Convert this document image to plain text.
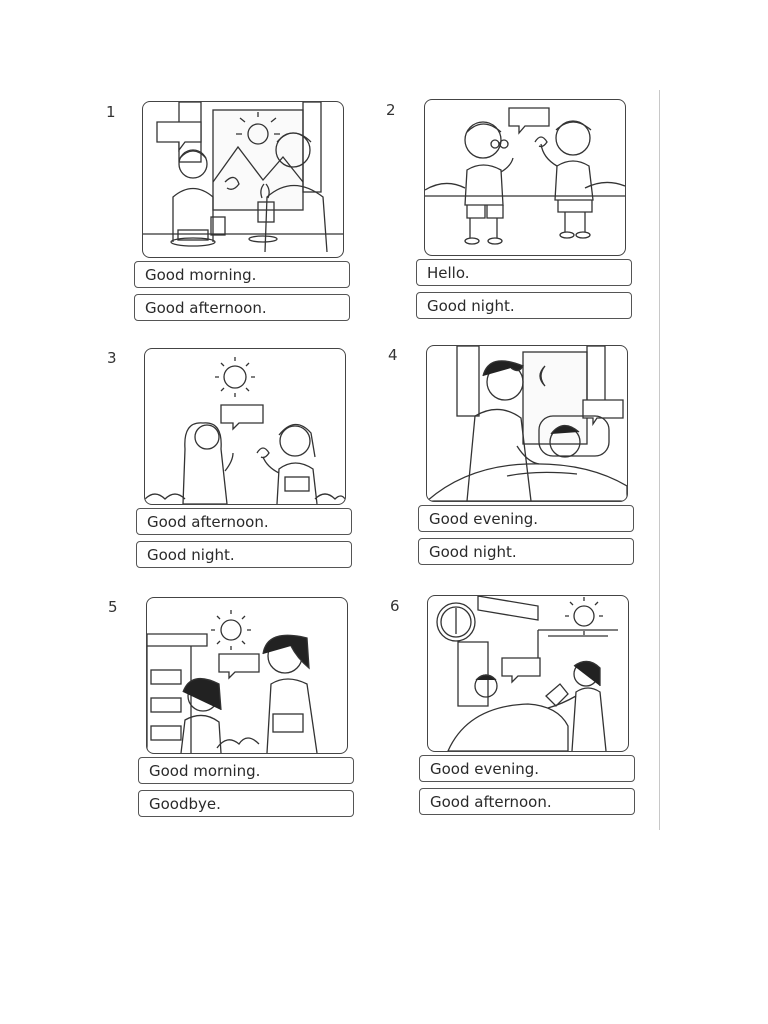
1
Good morning.
Good afternoon.
2
Hello.
Good night.
3
Good afternoon.
Good night.
4
Good evening.
Good night.
5
Good morning.
Goodbye.
6
Good evening.
Good afternoon.
